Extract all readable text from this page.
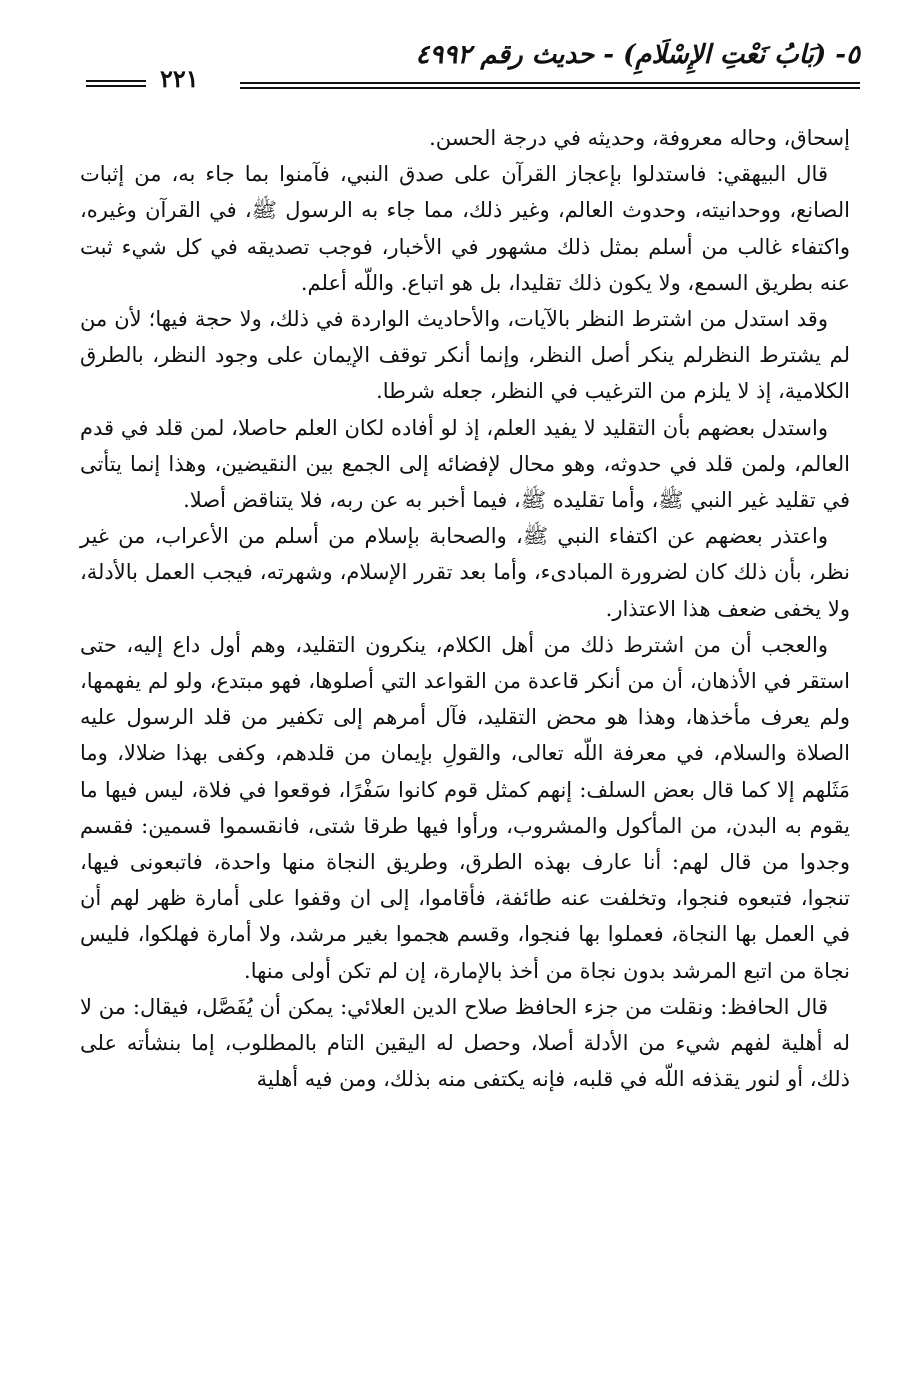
٥- (بَابُ نَعْتِ الإِسْلَامِ) - حديث رقم ٤٩٩٢
٢٢١

إسحاق، وحاله معروفة، وحديثه في درجة الحسن.

قال البيهقي: فاستدلوا بإعجاز القرآن على صدق النبي، فآمنوا بما جاء به، من إثبات الصانع، ووحدانيته، وحدوث العالم، وغير ذلك، مما جاء به الرسول ﷺ، في القرآن وغيره، واكتفاء غالب من أسلم بمثل ذلك مشهور في الأخبار، فوجب تصديقه في كل شيء ثبت عنه بطريق السمع، ولا يكون ذلك تقليدا، بل هو اتباع. واللّه أعلم.

وقد استدل من اشترط النظر بالآيات، والأحاديث الواردة في ذلك، ولا حجة فيها؛ لأن من لم يشترط النظرلم ينكر أصل النظر، وإنما أنكر توقف الإيمان على وجود النظر، بالطرق الكلامية، إذ لا يلزم من الترغيب في النظر، جعله شرطا.

واستدل بعضهم بأن التقليد لا يفيد العلم، إذ لو أفاده لكان العلم حاصلا، لمن قلد في قدم العالم، ولمن قلد في حدوثه، وهو محال لإفضائه إلى الجمع بين النقيضين، وهذا إنما يتأتى في تقليد غير النبي ﷺ، وأما تقليده ﷺ، فيما أخبر به عن ربه، فلا يتناقض أصلا.

واعتذر بعضهم عن اكتفاء النبي ﷺ، والصحابة بإسلام من أسلم من الأعراب، من غير نظر، بأن ذلك كان لضرورة المبادىء، وأما بعد تقرر الإسلام، وشهرته، فيجب العمل بالأدلة، ولا يخفى ضعف هذا الاعتذار.

والعجب أن من اشترط ذلك من أهل الكلام، ينكرون التقليد، وهم أول داع إليه، حتى استقر في الأذهان، أن من أنكر قاعدة من القواعد التي أصلوها، فهو مبتدع، ولو لم يفهمها، ولم يعرف مأخذها، وهذا هو محض التقليد، فآل أمرهم إلى تكفير من قلد الرسول عليه الصلاة والسلام، في معرفة اللّه تعالى، والقولِ بإيمان من قلدهم، وكفى بهذا ضلالا، وما مَثَلهم إلا كما قال بعض السلف: إنهم كمثل قوم كانوا سَفْرًا، فوقعوا في فلاة، ليس فيها ما يقوم به البدن، من المأكول والمشروب، ورأوا فيها طرقا شتى، فانقسموا قسمين: فقسم وجدوا من قال لهم: أنا عارف بهذه الطرق، وطريق النجاة منها واحدة، فاتبعونى فيها، تنجوا، فتبعوه فنجوا، وتخلفت عنه طائفة، فأقاموا، إلى ان وقفوا على أمارة ظهر لهم أن في العمل بها النجاة، فعملوا بها فنجوا، وقسم هجموا بغير مرشد، ولا أمارة فهلكوا، فليس نجاة من اتبع المرشد بدون نجاة من أخذ بالإمارة، إن لم تكن أولى منها.

قال الحافظ: ونقلت من جزء الحافظ صلاح الدين العلائي: يمكن أن يُفَصَّل، فيقال: من لا له أهلية لفهم شيء من الأدلة أصلا، وحصل له اليقين التام بالمطلوب، إما بنشأته على ذلك، أو لنور يقذفه اللّه في قلبه، فإنه يكتفى منه بذلك، ومن فيه أهلية
